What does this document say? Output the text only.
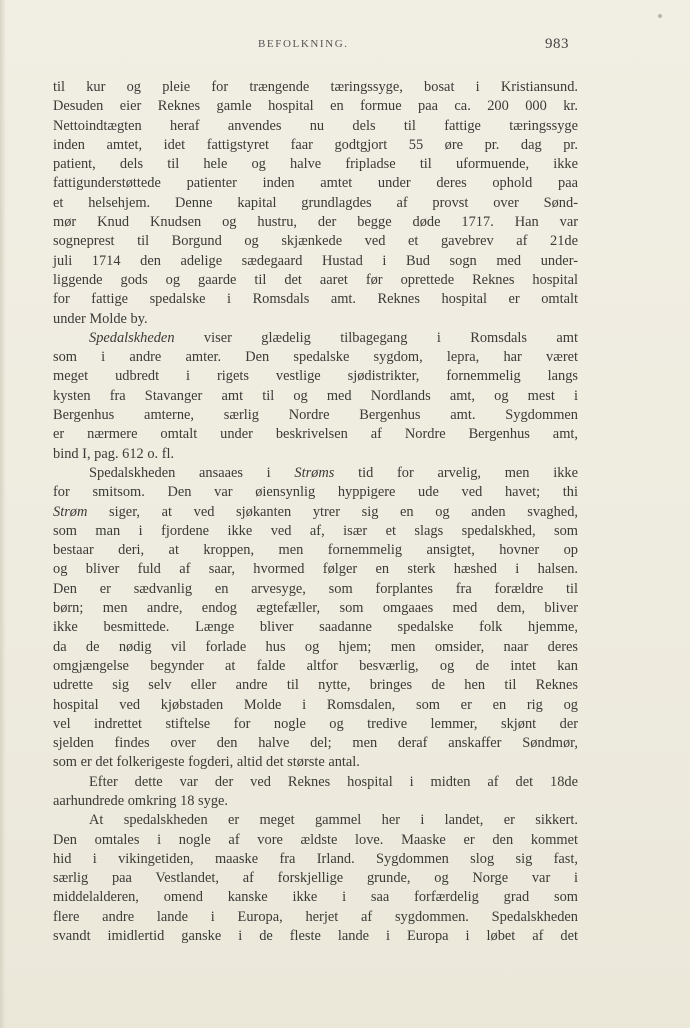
BEFOLKNING.	983
til kur og pleie for trængende tæringssyge, bosat i Kristiansund.
Desuden eier Reknes gamle hospital en formue paa ca. 200 000 kr.
Nettoindtægten heraf anvendes nu dels til fattige tæringssyge
inden amtet, idet fattigstyret faar godtgjort 55 øre pr. dag pr.
patient, dels til hele og halve fripladse til uformuende, ikke
fattigunderstøttede patienter inden amtet under deres ophold paa
et helsehjem. Denne kapital grundlagdes af provst over Sønd-
mør Knud Knudsen og hustru, der begge døde 1717. Han var
sogneprest til Borgund og skjænkede ved et gavebrev af 21de
juli 1714 den adelige sædegaard Hustad i Bud sogn med under-
liggende gods og gaarde til det aaret før oprettede Reknes hospital
for fattige spedalske i Romsdals amt. Reknes hospital er omtalt
under Molde by.
Spedalskheden viser glædelig tilbagegang i Romsdals amt
som i andre amter. Den spedalske sygdom, lepra, har været
meget udbredt i rigets vestlige sjødistrikter, fornemmelig langs
kysten fra Stavanger amt til og med Nordlands amt, og mest i
Bergenhus amterne, særlig Nordre Bergenhus amt. Sygdommen
er nærmere omtalt under beskrivelsen af Nordre Bergenhus amt,
bind I, pag. 612 o. fl.
Spedalskheden ansaaes i Strøms tid for arvelig, men ikke
for smitsom. Den var øiensynlig hyppigere ude ved havet; thi
Strøm siger, at ved sjøkanten ytrer sig en og anden svaghed,
som man i fjordene ikke ved af, især et slags spedalskhed, som
bestaar deri, at kroppen, men fornemmelig ansigtet, hovner op
og bliver fuld af saar, hvormed følger en sterk hæshed i halsen.
Den er sædvanlig en arvesyge, som forplantes fra forældre til
børn; men andre, endog ægtefæller, som omgaaes med dem, bliver
ikke besmittede. Længe bliver saadanne spedalske folk hjemme,
da de nødig vil forlade hus og hjem; men omsider, naar deres
omgjængelse begynder at falde altfor besværlig, og de intet kan
udrette sig selv eller andre til nytte, bringes de hen til Reknes
hospital ved kjøbstaden Molde i Romsdalen, som er en rig og
vel indrettet stiftelse for nogle og tredive lemmer, skjønt der
sjelden findes over den halve del; men deraf anskaffer Søndmør,
som er det folkerigeste fogderi, altid det største antal.
Efter dette var der ved Reknes hospital i midten af det 18de
aarhundrede omkring 18 syge.
At spedalskheden er meget gammel her i landet, er sikkert.
Den omtales i nogle af vore ældste love. Maaske er den kommet
hid i vikingetiden, maaske fra Irland. Sygdommen slog sig fast,
særlig paa Vestlandet, af forskjellige grunde, og Norge var i
middelalderen, omend kanske ikke i saa forfærdelig grad som
flere andre lande i Europa, herjet af sygdommen. Spedalskheden
svandt imidlertid ganske i de fleste lande i Europa i løbet af det
